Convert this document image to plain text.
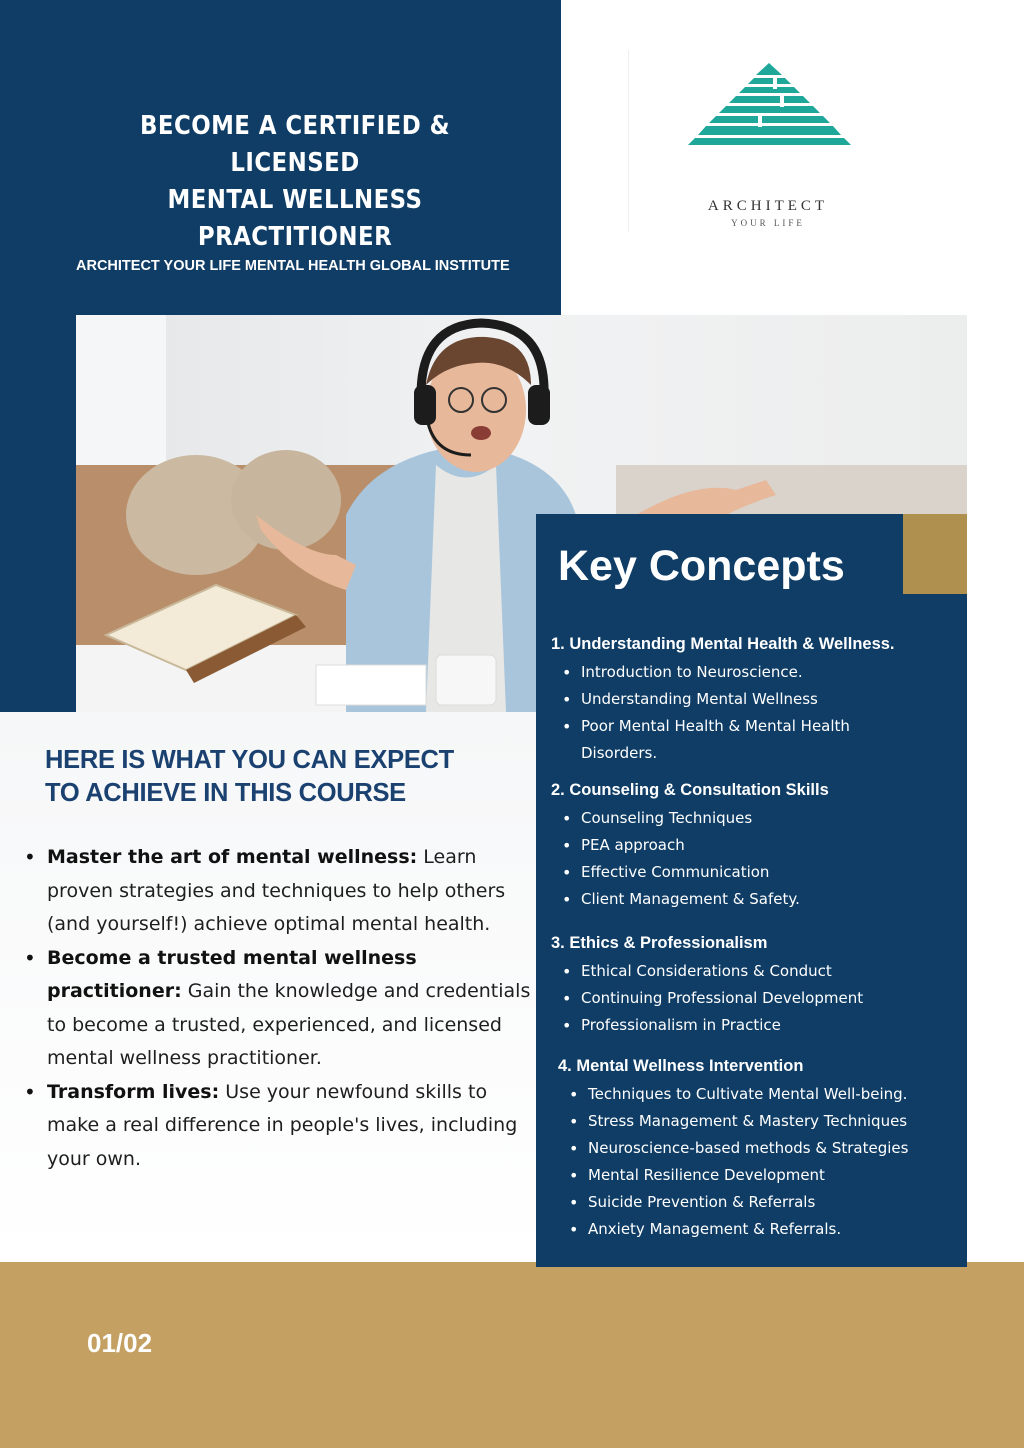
BECOME A CERTIFIED & LICENSED
MENTAL WELLNESS PRACTITIONER
ARCHITECT YOUR LIFE MENTAL HEALTH GLOBAL INSTITUTE
ARCHITECT
YOUR LIFE
HERE IS WHAT YOU CAN EXPECT
TO ACHIEVE IN THIS COURSE
• Master the art of mental wellness: Learn proven strategies and techniques to help others (and yourself!) achieve optimal mental health.
• Become a trusted mental wellness practitioner: Gain the knowledge and credentials to become a trusted, experienced, and licensed mental wellness practitioner.
• Transform lives: Use your newfound skills to make a real difference in people's lives, including your own.
01/02
Key Concepts
1. Understanding Mental Health & Wellness.
• Introduction to Neuroscience.
• Understanding Mental Wellness
• Poor Mental Health & Mental Health Disorders.
2. Counseling & Consultation Skills
• Counseling Techniques
• PEA approach
• Effective Communication
• Client Management & Safety.
3. Ethics & Professionalism
• Ethical Considerations & Conduct
• Continuing Professional Development
• Professionalism in Practice
4. Mental Wellness Intervention
• Techniques to Cultivate Mental Well-being.
• Stress Management & Mastery Techniques
• Neuroscience-based methods & Strategies
• Mental Resilience Development
• Suicide Prevention & Referrals
• Anxiety Management & Referrals.
